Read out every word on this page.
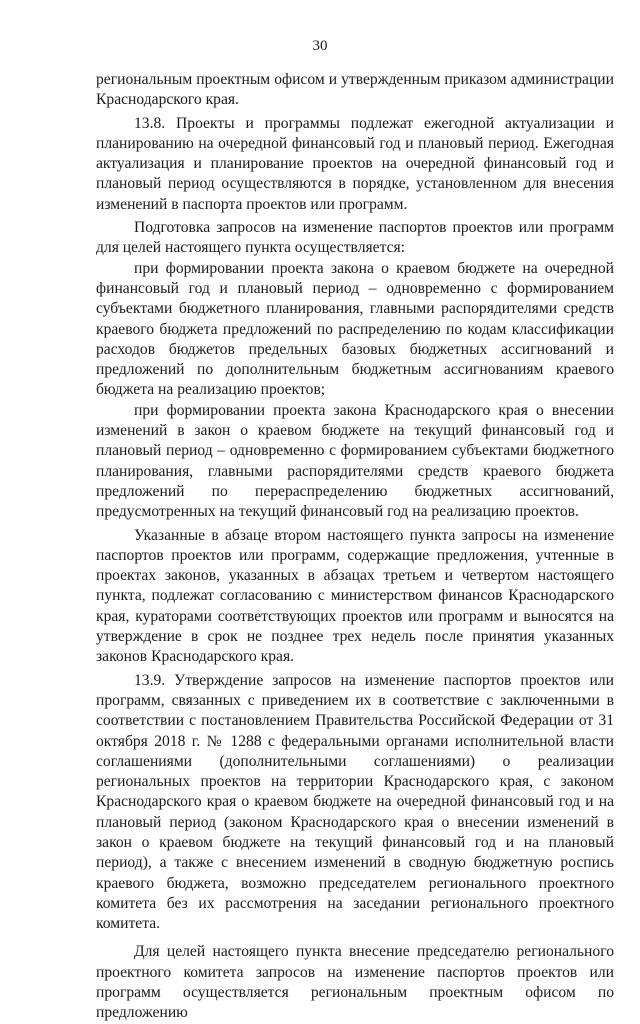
30

региональным проектным офисом и утвержденным приказом администрации Краснодарского края.

13.8. Проекты и программы подлежат ежегодной актуализации и планированию на очередной финансовый год и плановый период. Ежегодная актуализация и планирование проектов на очередной финансовый год и плановый период осуществляются в порядке, установленном для внесения изменений в паспорта проектов или программ.

Подготовка запросов на изменение паспортов проектов или программ для целей настоящего пункта осуществляется:

при формировании проекта закона о краевом бюджете на очередной финансовый год и плановый период – одновременно с формированием субъектами бюджетного планирования, главными распорядителями средств краевого бюджета предложений по распределению по кодам классификации расходов бюджетов предельных базовых бюджетных ассигнований и предложений по дополнительным бюджетным ассигнованиям краевого бюджета на реализацию проектов;

при формировании проекта закона Краснодарского края о внесении изменений в закон о краевом бюджете на текущий финансовый год и плановый период – одновременно с формированием субъектами бюджетного планирования, главными распорядителями средств краевого бюджета предложений по перераспределению бюджетных ассигнований, предусмотренных на текущий финансовый год на реализацию проектов.

Указанные в абзаце втором настоящего пункта запросы на изменение паспортов проектов или программ, содержащие предложения, учтенные в проектах законов, указанных в абзацах третьем и четвертом настоящего пункта, подлежат согласованию с министерством финансов Краснодарского края, кураторами соответствующих проектов или программ и выносятся на утверждение в срок не позднее трех недель после принятия указанных законов Краснодарского края.

13.9. Утверждение запросов на изменение паспортов проектов или программ, связанных с приведением их в соответствие с заключенными в соответствии с постановлением Правительства Российской Федерации от 31 октября 2018 г. № 1288 с федеральными органами исполнительной власти соглашениями (дополнительными соглашениями) о реализации региональных проектов на территории Краснодарского края, с законом Краснодарского края о краевом бюджете на очередной финансовый год и на плановый период (законом Краснодарского края о внесении изменений в закон о краевом бюджете на текущий финансовый год и на плановый период), а также с внесением изменений в сводную бюджетную роспись краевого бюджета, возможно председателем регионального проектного комитета без их рассмотрения на заседании регионального проектного комитета.

Для целей настоящего пункта внесение председателю регионального проектного комитета запросов на изменение паспортов проектов или программ осуществляется региональным проектным офисом по предложению
